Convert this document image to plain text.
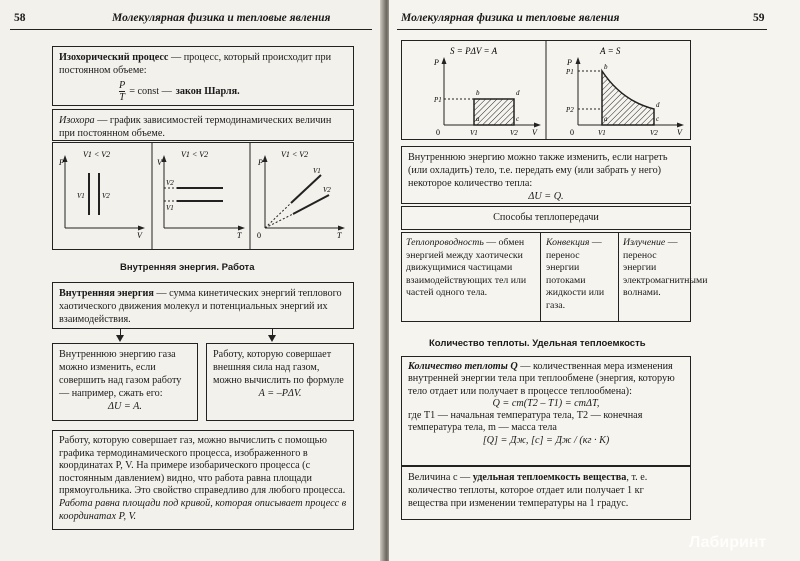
58	Молекулярная физика и тепловые явления
Изохорический процесс — процесс, который происходит при постоянном объеме:
$\frac{P}{T}$ = const — закон Шарля.
Изохора — график зависимостей термодинамических величин при постоянном объеме.
P
V
V1 < V2
V1 V2
V
T
V1 < V2
V2
V1
P
T
0
V1 < V2
V1
V2
Внутренняя энергия. Работа
Внутренняя энергия — сумма кинетических энергий теплового хаотического движения молекул и потенциальных энергий их взаимодействия.
Внутреннюю энергию газа можно изменить, если совершить над газом работу — например, сжать его:
ΔU = A.
Работу, которую совершает внешняя сила над газом, можно вычислить по формуле
A = –PΔV.
Работу, которую совершает газ, можно вычислить с помощью графика термодинамического процесса, изображенного в координатах P, V. На примере изобарического процесса (с постоянным давлением) видно, что работа равна площади прямоугольника. Это свойство справедливо для любого процесса. Работа равна площади под кривой, которая описывает процесс в координатах P, V.
Молекулярная физика и тепловые явления	59
S = PΔV = A
P
V
P1
V1	V2
0
a
b
c
d
A = S
P
V
P1
P2
V1	V2
0
a
b
c
d
Внутреннюю энергию можно также изменить, если нагреть (или охладить) тело, т.е. передать ему (или забрать у него) некоторое количество тепла:
ΔU = Q.
Способы теплопередачи
Теплопроводность — обмен энергией между хаотически движущимися частицами взаимодействующих тел или частей одного тела.
Конвекция — перенос энергии потоками жидкости или газа.
Излучение — перенос энергии электромагнитными волнами.
Количество теплоты. Удельная теплоемкость
Количество теплоты Q — количественная мера изменения внутренней энергии тела при теплообмене (энергия, которую тело отдает или получает в процессе теплообмена):
Q = cm(T2 – T1) = cmΔT,
где T1 — начальная температура тела, T2 — конечная температура тела, m — масса тела
[Q] = Дж, [c] = Дж / (кг · К)
Величина c — удельная теплоемкость вещества, т. е. количество теплоты, которое отдает или получает 1 кг вещества при изменении температуры на 1 градус.
Лабиринт
